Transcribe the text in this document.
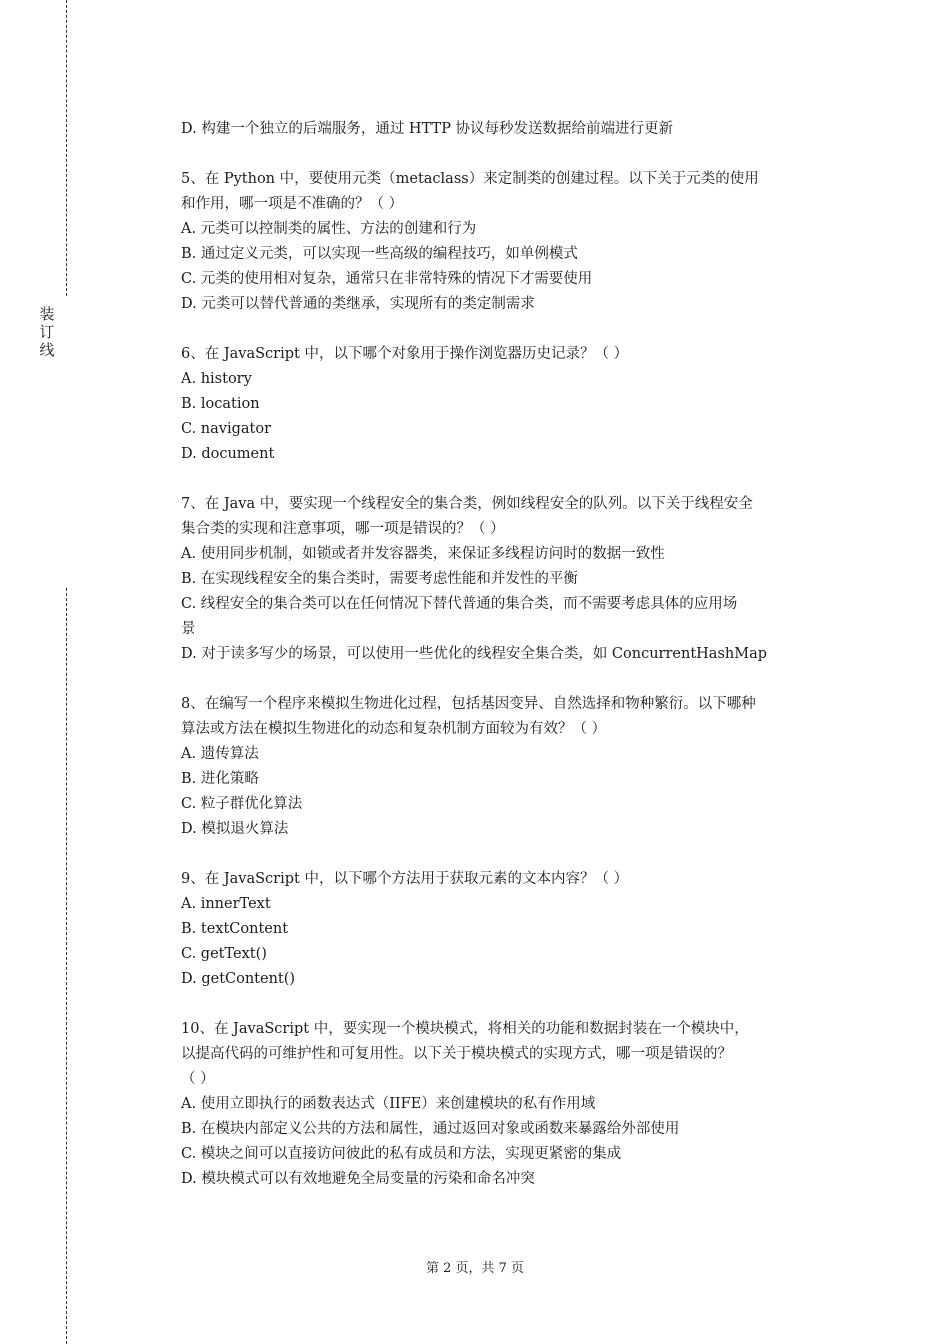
装
订
线
D. 构建一个独立的后端服务，通过 HTTP 协议每秒发送数据给前端进行更新
5、在 Python 中，要使用元类（metaclass）来定制类的创建过程。以下关于元类的使用
和作用，哪一项是不准确的？（ ）
A. 元类可以控制类的属性、方法的创建和行为
B. 通过定义元类，可以实现一些高级的编程技巧，如单例模式
C. 元类的使用相对复杂，通常只在非常特殊的情况下才需要使用
D. 元类可以替代普通的类继承，实现所有的类定制需求
6、在 JavaScript 中，以下哪个对象用于操作浏览器历史记录？（ ）
A. history
B. location
C. navigator
D. document
7、在 Java 中，要实现一个线程安全的集合类，例如线程安全的队列。以下关于线程安全
集合类的实现和注意事项，哪一项是错误的？（ ）
A. 使用同步机制，如锁或者并发容器类，来保证多线程访问时的数据一致性
B. 在实现线程安全的集合类时，需要考虑性能和并发性的平衡
C. 线程安全的集合类可以在任何情况下替代普通的集合类，而不需要考虑具体的应用场
景
D. 对于读多写少的场景，可以使用一些优化的线程安全集合类，如 ConcurrentHashMap
8、在编写一个程序来模拟生物进化过程，包括基因变异、自然选择和物种繁衍。以下哪种
算法或方法在模拟生物进化的动态和复杂机制方面较为有效？（ ）
A. 遗传算法
B. 进化策略
C. 粒子群优化算法
D. 模拟退火算法
9、在 JavaScript 中，以下哪个方法用于获取元素的文本内容？（ ）
A. innerText
B. textContent
C. getText()
D. getContent()
10、在 JavaScript 中，要实现一个模块模式，将相关的功能和数据封装在一个模块中，
以提高代码的可维护性和可复用性。以下关于模块模式的实现方式，哪一项是错误的？
（ ）
A. 使用立即执行的函数表达式（IIFE）来创建模块的私有作用域
B. 在模块内部定义公共的方法和属性，通过返回对象或函数来暴露给外部使用
C. 模块之间可以直接访问彼此的私有成员和方法，实现更紧密的集成
D. 模块模式可以有效地避免全局变量的污染和命名冲突
第 2 页，共 7 页
